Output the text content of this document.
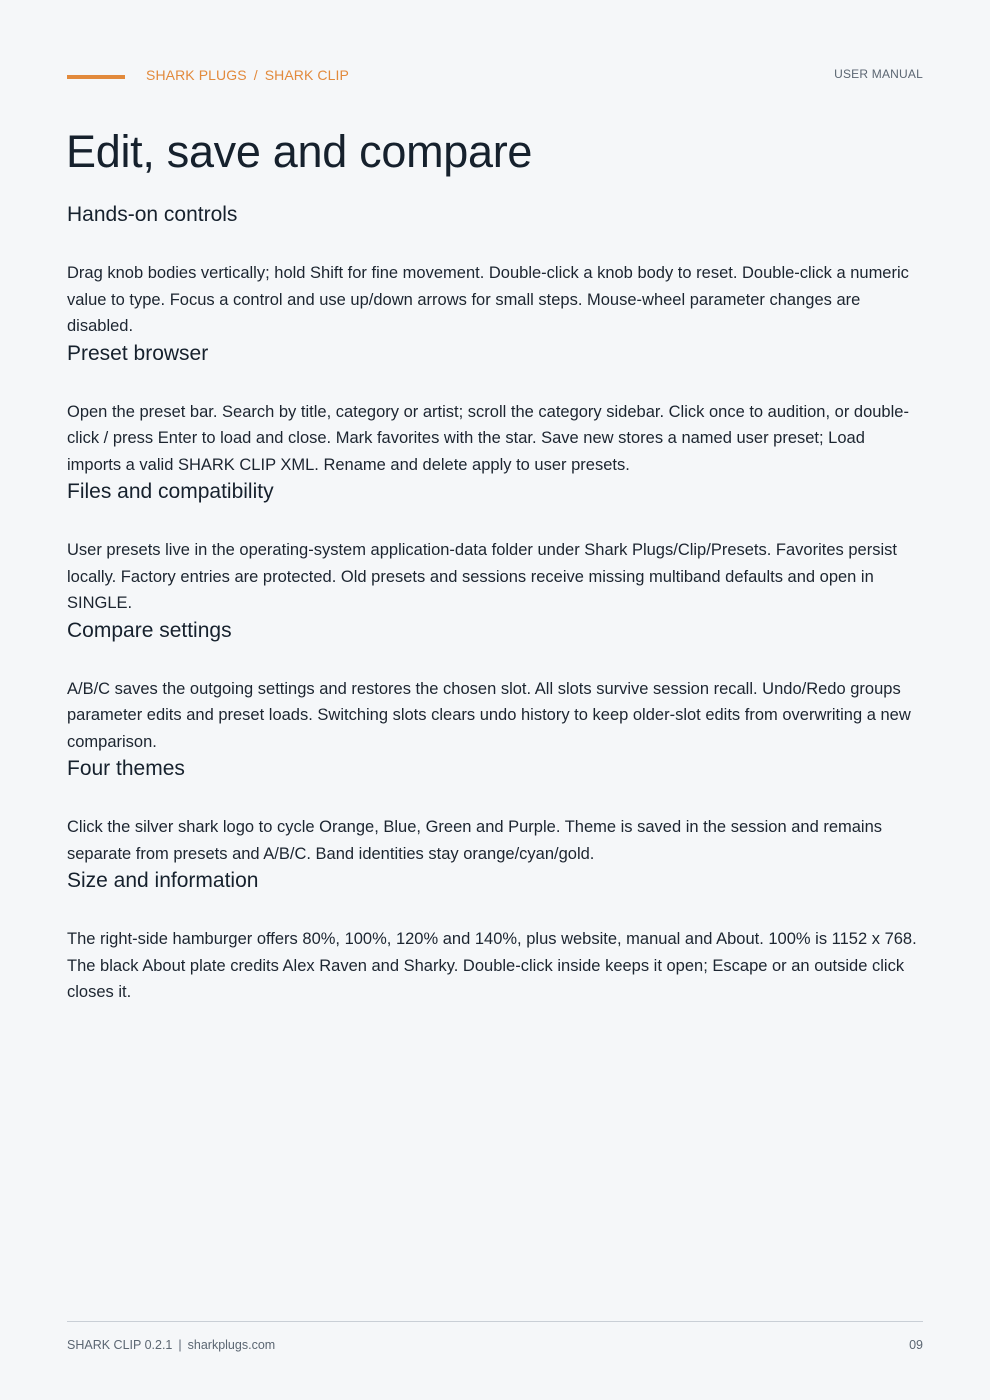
SHARK PLUGS / SHARK CLIP	USER MANUAL
Edit, save and compare
Hands-on controls

Drag knob bodies vertically; hold Shift for fine movement. Double-click a knob body to reset. Double-click a numeric value to type. Focus a control and use up/down arrows for small steps. Mouse-wheel parameter changes are disabled.

Preset browser

Open the preset bar. Search by title, category or artist; scroll the category sidebar. Click once to audition, or double-click / press Enter to load and close. Mark favorites with the star. Save new stores a named user preset; Load imports a valid SHARK CLIP XML. Rename and delete apply to user presets.

Files and compatibility

User presets live in the operating-system application-data folder under Shark Plugs/Clip/Presets. Favorites persist locally. Factory entries are protected. Old presets and sessions receive missing multiband defaults and open in SINGLE.

Compare settings

A/B/C saves the outgoing settings and restores the chosen slot. All slots survive session recall. Undo/Redo groups parameter edits and preset loads. Switching slots clears undo history to keep older-slot edits from overwriting a new comparison.

Four themes

Click the silver shark logo to cycle Orange, Blue, Green and Purple. Theme is saved in the session and remains separate from presets and A/B/C. Band identities stay orange/cyan/gold.

Size and information

The right-side hamburger offers 80%, 100%, 120% and 140%, plus website, manual and About. 100% is 1152 x 768. The black About plate credits Alex Raven and Sharky. Double-click inside keeps it open; Escape or an outside click closes it.

SHARK CLIP 0.2.1 | sharkplugs.com	09
